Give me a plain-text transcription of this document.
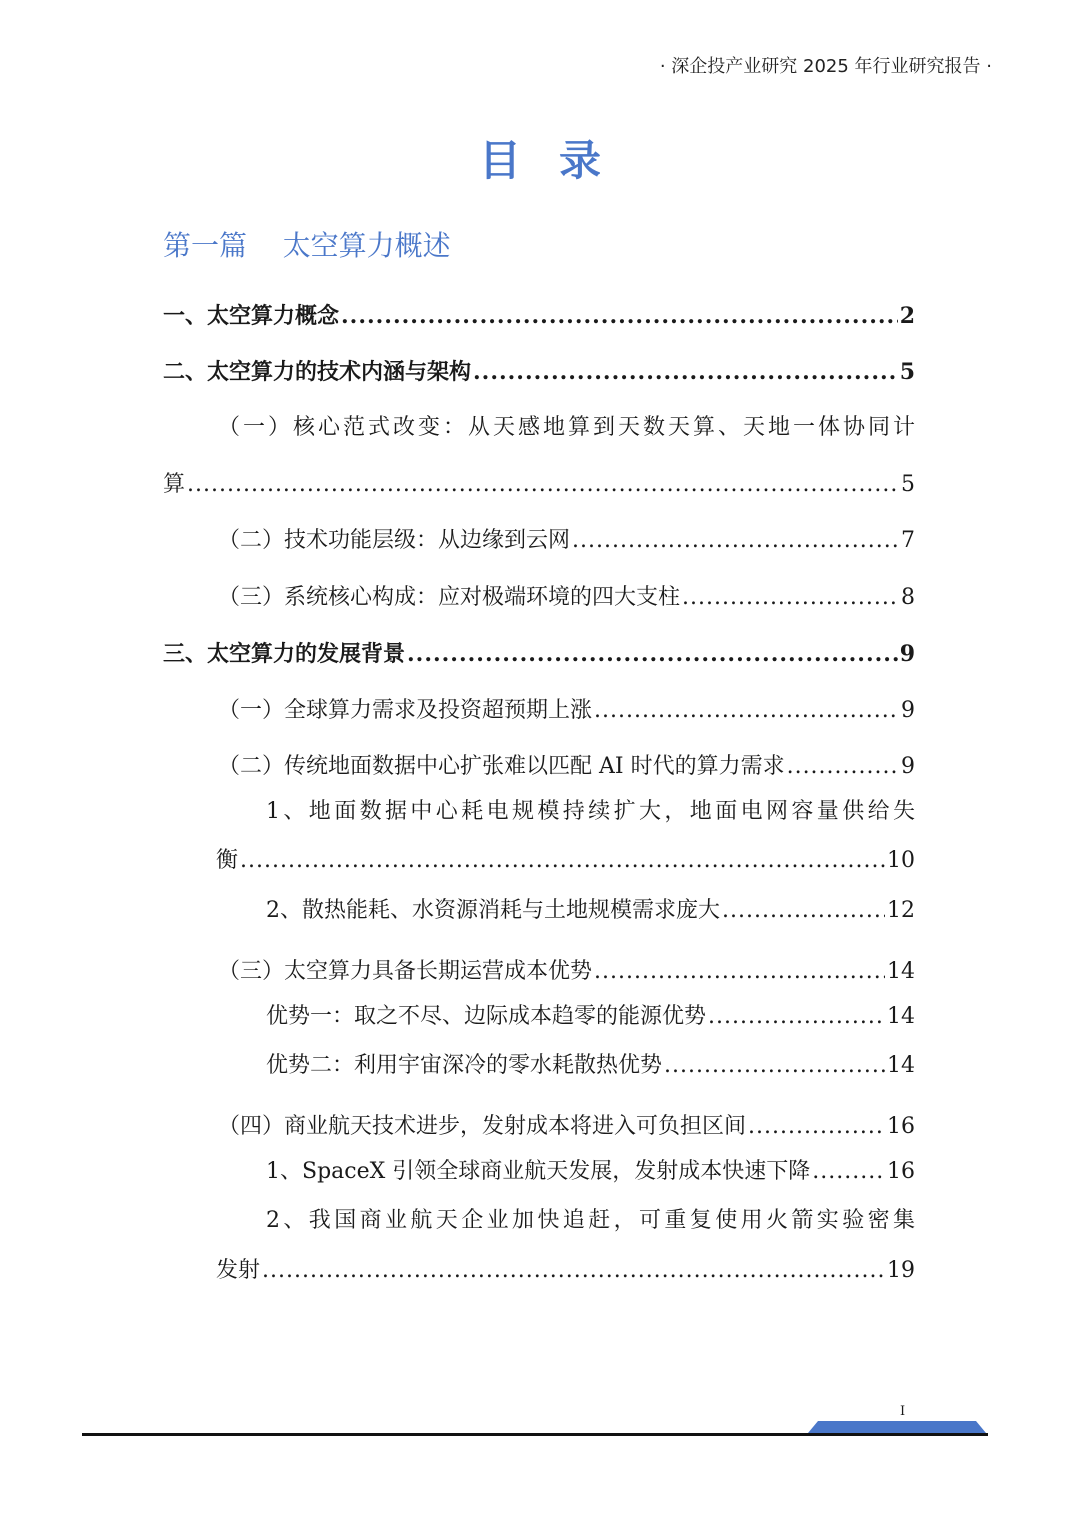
· 深企投产业研究 2025 年行业研究报告 ·
目录
第一篇    太空算力概述
一、太空算力概念 .....	2
二、太空算力的技术内涵与架构 .....	5
（一）核心范式改变：从天感地算到天数天算、天地一体协同计
算 .....	5
（二）技术功能层级：从边缘到云网 .....	7
（三）系统核心构成：应对极端环境的四大支柱 .....	8
三、太空算力的发展背景 .....	9
（一）全球算力需求及投资超预期上涨 .....	9
（二）传统地面数据中心扩张难以匹配 AI 时代的算力需求 .....	9
1、地面数据中心耗电规模持续扩大，地面电网容量供给失
衡 .....	10
2、散热能耗、水资源消耗与土地规模需求庞大 .....	12
（三）太空算力具备长期运营成本优势 .....	14
优势一：取之不尽、边际成本趋零的能源优势 .....	14
优势二：利用宇宙深冷的零水耗散热优势 .....	14
（四）商业航天技术进步，发射成本将进入可负担区间 .....	16
1、SpaceX 引领全球商业航天发展，发射成本快速下降 .....	16
2、我国商业航天企业加快追赶，可重复使用火箭实验密集
发射 .....	19
I
